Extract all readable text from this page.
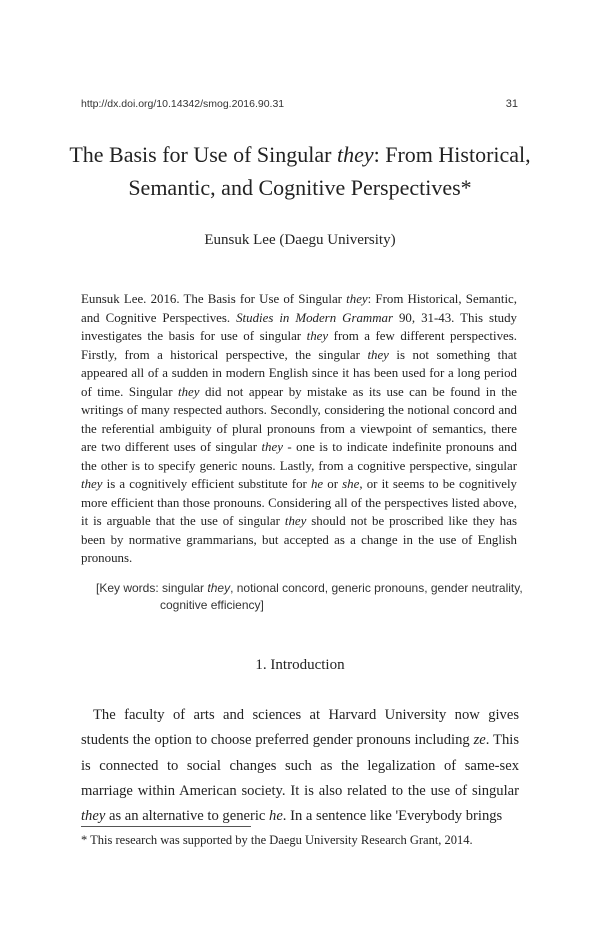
http://dx.doi.org/10.14342/smog.2016.90.31	31
The Basis for Use of Singular they: From Historical, Semantic, and Cognitive Perspectives*
Eunsuk Lee (Daegu University)
Eunsuk Lee. 2016. The Basis for Use of Singular they: From Historical, Semantic, and Cognitive Perspectives. Studies in Modern Grammar 90, 31-43. This study investigates the basis for use of singular they from a few different perspectives. Firstly, from a historical perspective, the singular they is not something that appeared all of a sudden in modern English since it has been used for a long period of time. Singular they did not appear by mistake as its use can be found in the writings of many respected authors. Secondly, considering the notional concord and the referential ambiguity of plural pronouns from a viewpoint of semantics, there are two different uses of singular they - one is to indicate indefinite pronouns and the other is to specify generic nouns. Lastly, from a cognitive perspective, singular they is a cognitively efficient substitute for he or she, or it seems to be cognitively more efficient than those pronouns. Considering all of the perspectives listed above, it is arguable that the use of singular they should not be proscribed like they has been by normative grammarians, but accepted as a change in the use of English pronouns.
[Key words: singular they, notional concord, generic pronouns, gender neutrality,
cognitive efficiency]
1. Introduction
The faculty of arts and sciences at Harvard University now gives students the option to choose preferred gender pronouns including ze. This is connected to social changes such as the legalization of same-sex marriage within American society. It is also related to the use of singular they as an alternative to generic he. In a sentence like 'Everybody brings
* This research was supported by the Daegu University Research Grant, 2014.
